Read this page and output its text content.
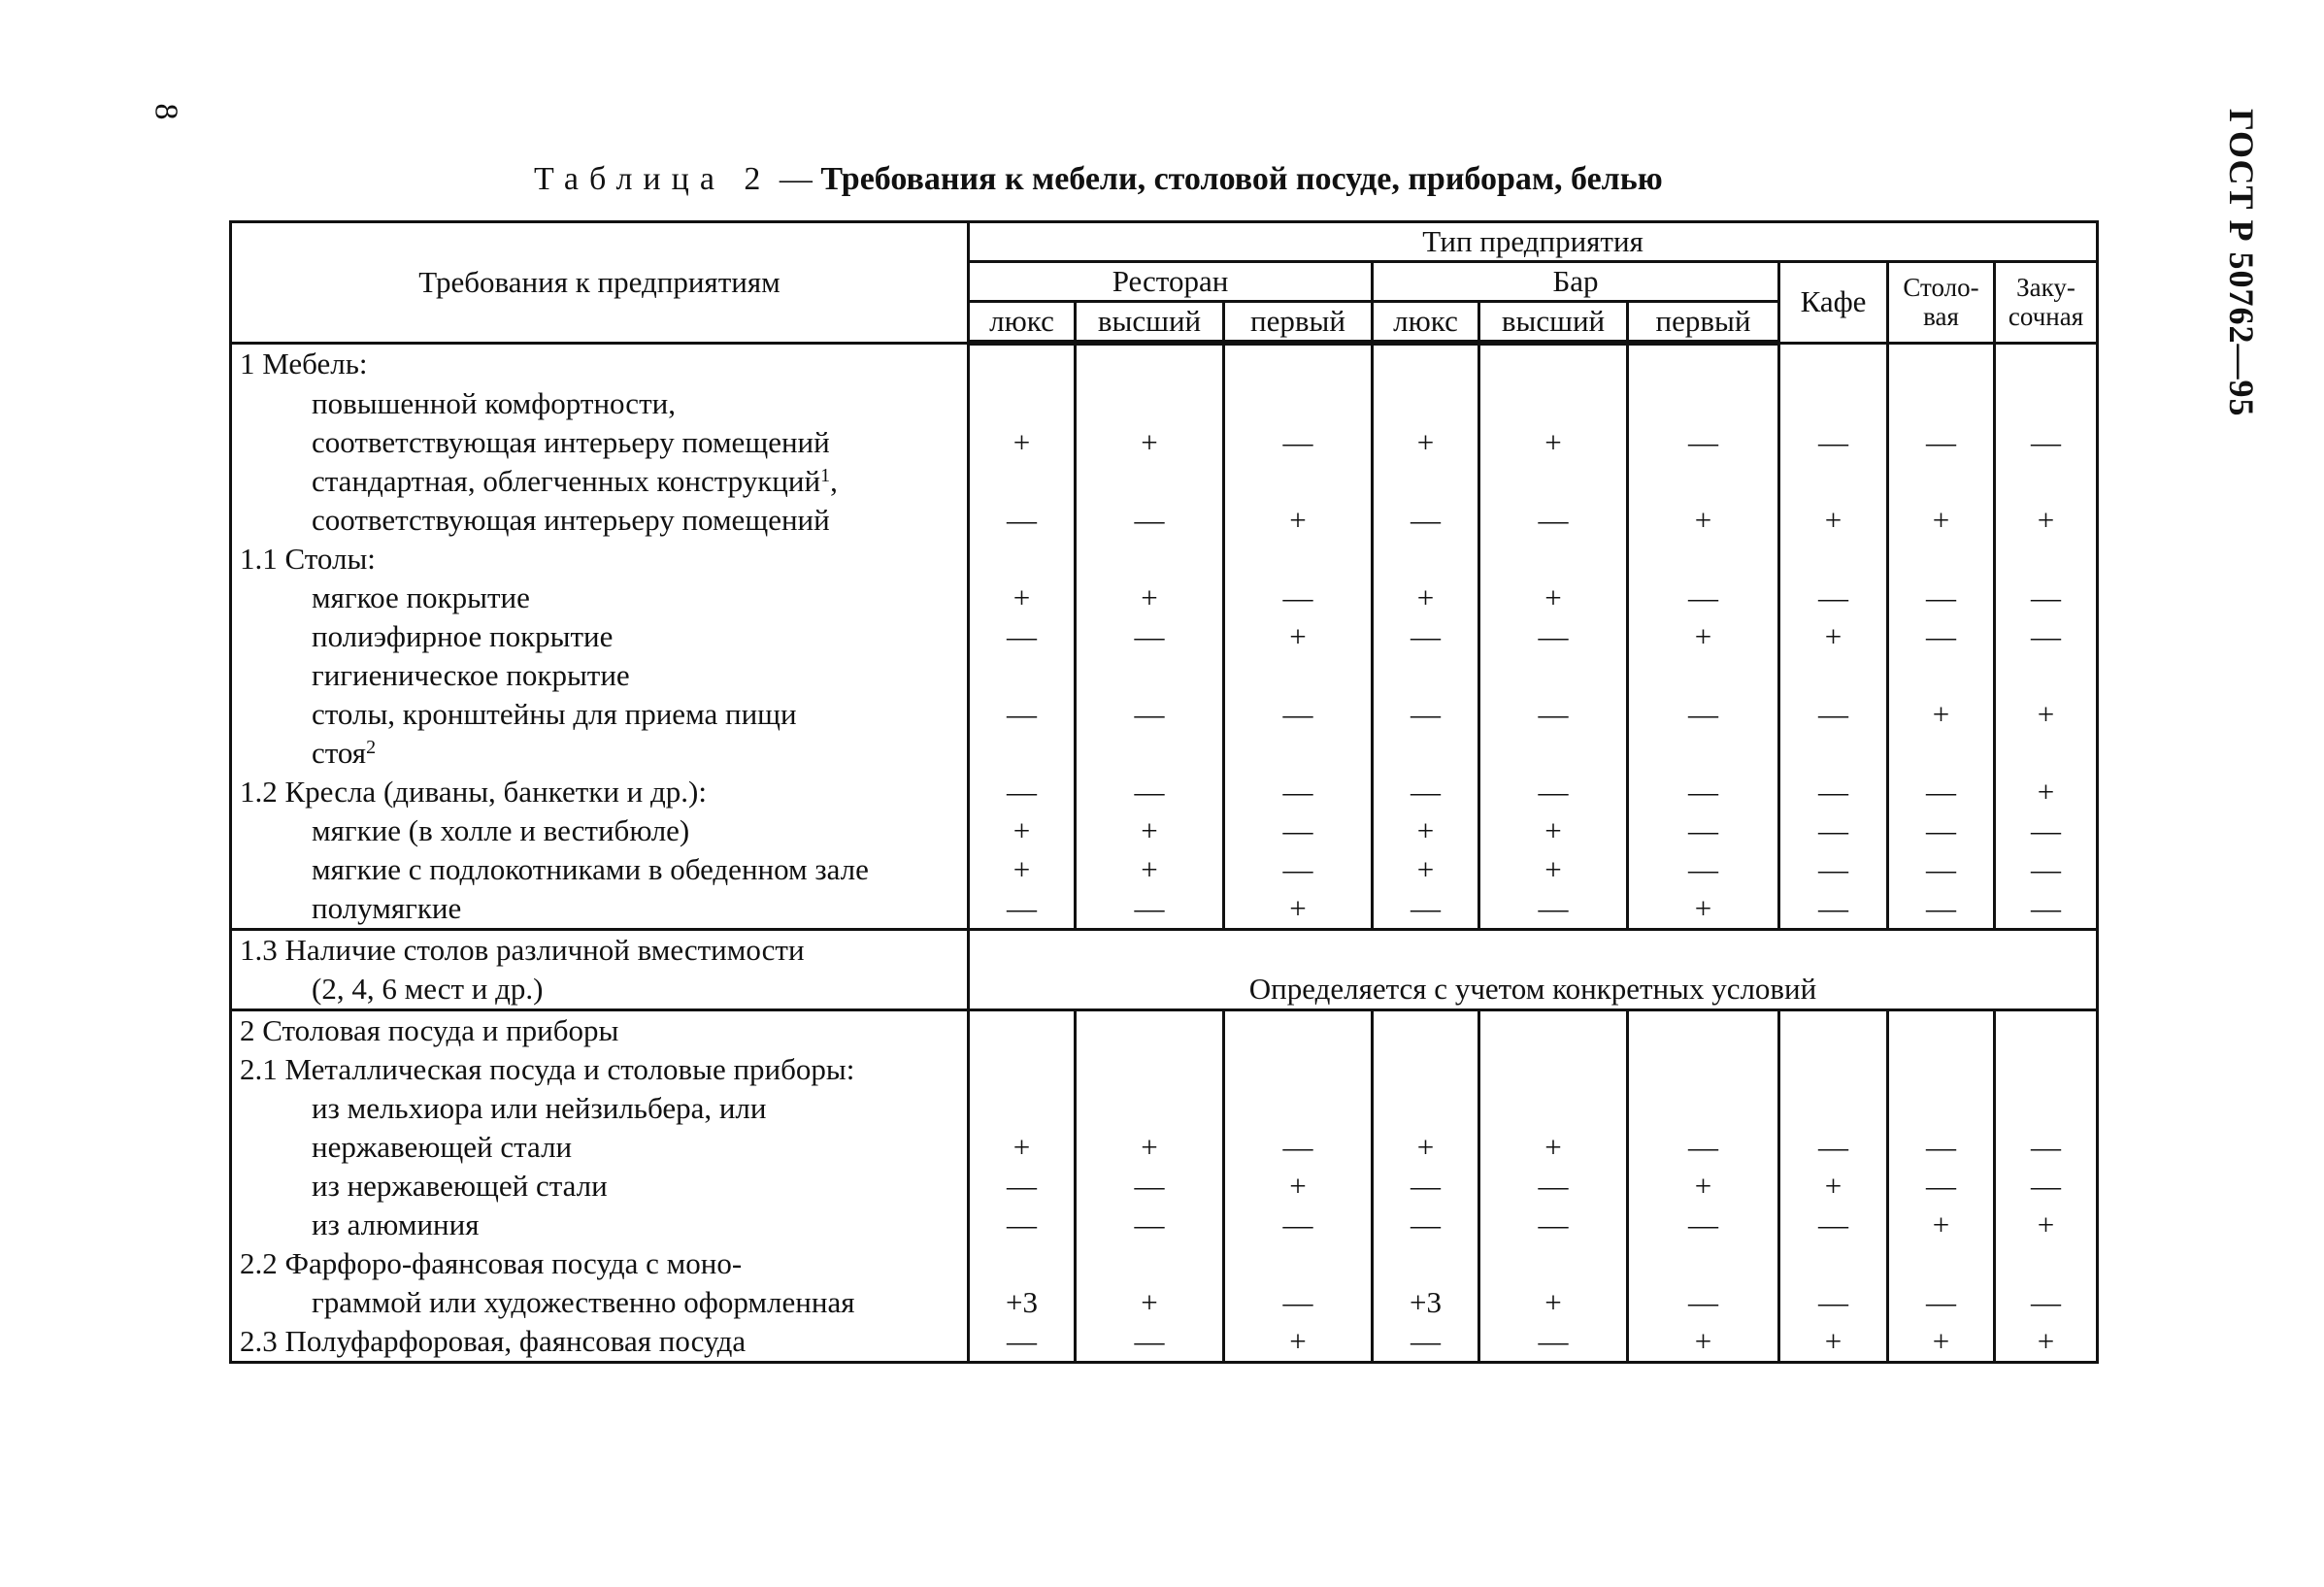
8	ГОСТ Р 50762—95
Таблица 2 — Требования к мебели, столовой посуде, приборам, белью
Требования к предприятиям	Тип предприятия								
	Ресторан			Бар			Кафе	Столо-вая	Заку-сочная
	люкс	высший	первый	люкс	высший	первый			
1 Мебель:									
повышенной комфортности,									
соответствующая интерьеру помещений	+	+	—	+	+	—	—	—	—
стандартная, облегченных конструкций$^1$,									
соответствующая интерьеру помещений	—	—	+	—	—	+	+	+	+
1.1 Столы:									
мягкое покрытие	+	+	—	+	+	—	—	—	—
полиэфирное покрытие	—	—	+	—	—	+	+	—	—
гигиеническое покрытие									
столы, кронштейны для приема пищи	—	—	—	—	—	—	—	+	+
стоя$^2$									
1.2 Кресла (диваны, банкетки и др.):	—	—	—	—	—	—	—	—	+
мягкие (в холле и вестибюле)	+	+	—	+	+	—	—	—	—
мягкие с подлокотниками в обеденном зале	+	+	—	+	+	—	—	—	—
полумягкие	—	—	+	—	—	+	—	—	—
1.3 Наличие столов различной вместимости	Определяется с учетом конкретных условий								
(2, 4, 6 мест и др.)									
2 Столовая посуда и приборы									
2.1 Металлическая посуда и столовые приборы:									
из мельхиора или нейзильбера, или									
нержавеющей стали	+	+	—	+	+	—	—	—	—
из нержавеющей стали	—	—	+	—	—	+	+	—	—
из алюминия	—	—	—	—	—	—	—	+	+
2.2 Фарфоро-фаянсовая посуда с моно-									
граммой или художественно оформленная	+3	+	—	+3	+	—	—	—	—
2.3 Полуфарфоровая, фаянсовая посуда	—	—	+	—	—	+	+	+	+
